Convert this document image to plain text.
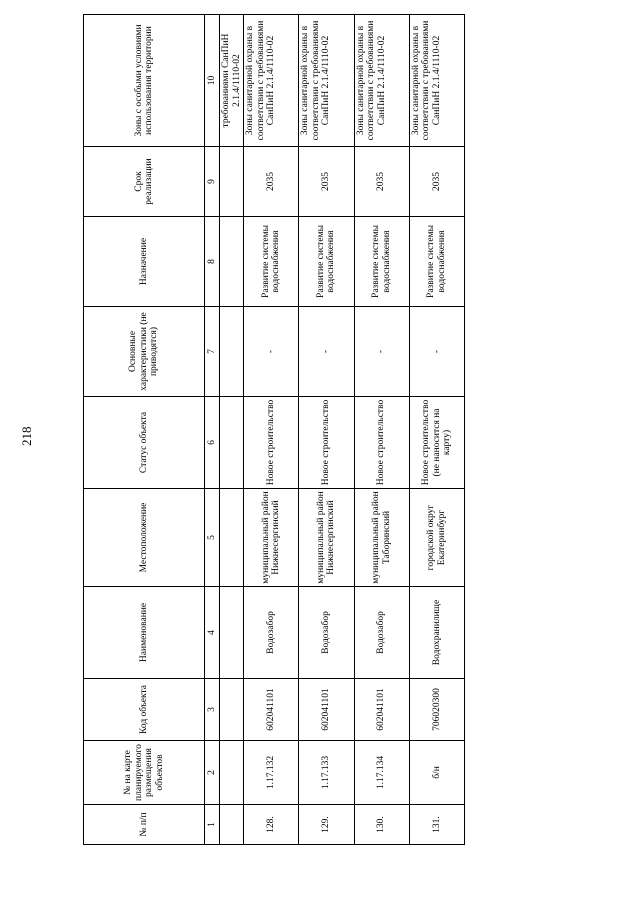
218
№ п/п	№ на карте планируемого размещения объектов	Код объекта	Наименование	Местоположение	Статус объекта	Основные характеристики (не приводятся)	Назначение	Срок реализации	Зоны с особыми условиями использования территории
1	2	3	4	5	6	7	8	9	10
									требованиями СанПиН 2.1.4/1110-02
128.	1.17.132	602041101	Водозабор	муниципальный район Нижнесергинский	Новое строительство	-	Развитие системы водоснабжения	2035	Зоны санитарной охраны в соответствии с требованиями СанПиН 2.1.4/1110-02
129.	1.17.133	602041101	Водозабор	муниципальный район Нижнесергинский	Новое строительство	-	Развитие системы водоснабжения	2035	Зоны санитарной охраны в соответствии с требованиями СанПиН 2.1.4/1110-02
130.	1.17.134	602041101	Водозабор	муниципальный район Таборинский	Новое строительство	-	Развитие системы водоснабжения	2035	Зоны санитарной охраны в соответствии с требованиями СанПиН 2.1.4/1110-02
131.	б/н	706020300	Водохранилище	городской округ Екатеринбург	Новое строительство (не наносится на карту)	-	Развитие системы водоснабжения	2035	Зоны санитарной охраны в соответствии с требованиями СанПиН 2.1.4/1110-02
